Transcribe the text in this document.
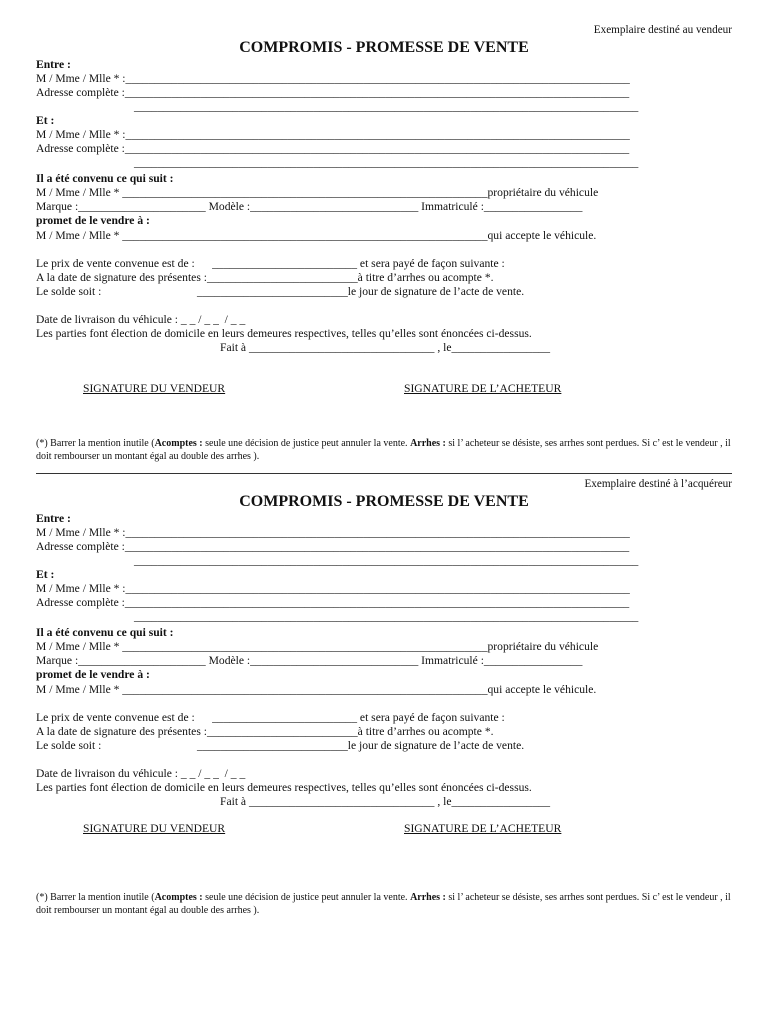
Exemplaire destiné au vendeur
COMPROMIS - PROMESSE DE VENTE
Entre :
M / Mme / Mlle * :_______________________________________________________________________________________
Adresse complète :_______________________________________________________________________________________
_______________________________________________________________________________________
Et :
M / Mme / Mlle * :_______________________________________________________________________________________
Adresse complète :_______________________________________________________________________________________
_______________________________________________________________________________________
Il a été convenu ce qui suit :
M / Mme / Mlle * _______________________________________________________________propriétaire du véhicule
Marque :______________________ Modèle :_____________________________ Immatriculé :_________________
promet de le vendre à :
M / Mme / Mlle * _______________________________________________________________qui accepte le véhicule.
Le prix de vente convenue est de :      _________________________ et sera payé de façon suivante :
A la date de signature des présentes :__________________________à titre d’arrhes ou acompte *.
Le solde soit :                                 __________________________le jour de signature de l’acte de vente.
Date de livraison du véhicule : _ _ / _ _  / _ _
Les parties font élection de domicile en leurs demeures respectives, telles qu’elles sont énoncées ci-dessus.
Fait à ________________________________ , le_________________
SIGNATURE DU VENDEUR	SIGNATURE DE L’ACHETEUR
(*) Barrer la mention inutile (Acomptes : seule une décision de justice peut annuler la vente. Arrhes : si l’ acheteur se désiste, ses arrhes sont perdues. Si c’ est le vendeur , il doit rembourser un montant égal au double des arrhes ).
Exemplaire destiné à l’acquéreur
COMPROMIS - PROMESSE DE VENTE
Entre :
M / Mme / Mlle * :_______________________________________________________________________________________
Adresse complète :_______________________________________________________________________________________
_______________________________________________________________________________________
Et :
M / Mme / Mlle * :_______________________________________________________________________________________
Adresse complète :_______________________________________________________________________________________
_______________________________________________________________________________________
Il a été convenu ce qui suit :
M / Mme / Mlle * _______________________________________________________________propriétaire du véhicule
Marque :______________________ Modèle :_____________________________ Immatriculé :_________________
promet de le vendre à :
M / Mme / Mlle * _______________________________________________________________qui accepte le véhicule.
Le prix de vente convenue est de :      _________________________ et sera payé de façon suivante :
A la date de signature des présentes :__________________________à titre d’arrhes ou acompte *.
Le solde soit :                                 __________________________le jour de signature de l’acte de vente.
Date de livraison du véhicule : _ _ / _ _  / _ _
Les parties font élection de domicile en leurs demeures respectives, telles qu’elles sont énoncées ci-dessus.
Fait à ________________________________ , le_________________
SIGNATURE DU VENDEUR	SIGNATURE DE L’ACHETEUR
(*) Barrer la mention inutile (Acomptes : seule une décision de justice peut annuler la vente. Arrhes : si l’ acheteur se désiste, ses arrhes sont perdues. Si c’ est le vendeur , il doit rembourser un montant égal au double des arrhes ).
